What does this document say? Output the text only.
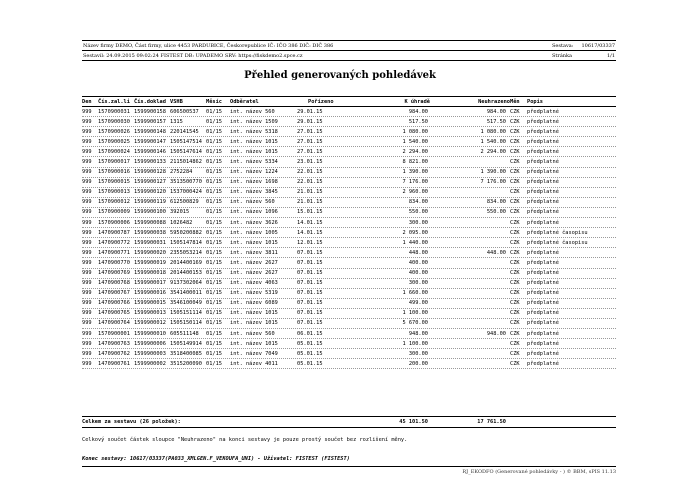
Název firmy DEMO, Část firmy, ulice 4453 PARDUBICE, Českorepublice IČ: IČO 386 DIČ: DIČ 386	Sestava: 10617/03337
Sestavil: 24.09.2015 09:02:24 FISTEST DB: UPADEMO SRV: https://fiskdemo2.spce.cz	Stránka	1/1
Přehled generovaných pohledávek
Den Čís.zal.li Čís.doklad VSHB	Měsíc Odběratel	Pořízeno	K úhradě	Neuhrazeno Měn Popis
999 1570900031 1599900158 606500537 01/15 int. název 560	29.01.15	984.00	984.00 CZK předplatné
999 1570900030 1599900157 1315	01/15 int. název 1509	29.01.15	517.50	517.50 CZK předplatné
999 1570900026 1599900148 220141545 01/15 int. název 5318	27.01.15	1 080.00	1 080.00 CZK předplatné
999 1570900025 1599900147 1505147514 01/15 int. název 1015	27.01.15	1 540.00	1 540.00 CZK předplatné
999 1570900024 1599900146 1505147614 01/15 int. název 1015	27.01.15	2 294.00	2 294.00 CZK předplatné
999 1570900017 1599900133 2115014862 01/15 int. název 5334	23.01.15	8 821.00	CZK předplatné
999 1570900016 1599900128 2752284	01/15 int. název 1224	22.01.15	1 390.00	1 390.00 CZK předplatné
999 1570900015 1599900127 3513500770 01/15 int. název 1698	22.01.15	7 176.00	7 176.00 CZK předplatné
999 1570900013 1599900120 1537000424 01/15 int. název 3845	21.01.15	2 960.00	CZK předplatné
999 1570900012 1599900119 612500829 01/15 int. název 560	21.01.15	834.00	834.00 CZK předplatné
999 1570900009 1599900100 392015	01/15 int. název 1096	15.01.15	550.00	550.00 CZK předplatné
999 1570900006 1599900088 1026482	01/15 int. název 3626	14.01.15	300.00	CZK předplatné
999 1470900787 1599900038 5950200882 01/15 int. název 1005	14.01.15	2 095.00	CZK předplatné časopisu
999 1470900772 1599900031 1505147814 01/15 int. název 1015	12.01.15	1 440.00	CZK předplatné časopisu
999 1470900771 1599900020 2355053214 01/15 int. název 3811	07.01.15	448.00	448.00 CZK předplatné
999 1470900770 1599900019 2014400169 01/15 int. název 2627	07.01.15	400.00	CZK předplatné
999 1470900769 1599900018 2014400153 01/15 int. název 2627	07.01.15	400.00	CZK předplatné
999 1470900768 1599900017 9137302064 01/15 int. název 4063	07.01.15	300.00	CZK předplatné
999 1470900767 1599900016 3541400011 01/15 int. název 5319	07.01.15	1 660.00	CZK předplatné
999 1470900766 1599900015 3546100049 01/15 int. název 6089	07.01.15	499.00	CZK předplatné
999 1470900765 1599900013 1505151114 01/15 int. název 1015	07.01.15	1 100.00	CZK předplatné
999 1470900764 1599900012 1505150114 01/15 int. název 1015	07.01.15	5 670.00	CZK předplatné
999 1570900001 1599900010 605511148 01/15 int. název 560	06.01.15	948.00	948.00 CZK předplatné
999 1470900763 1599900006 1505149914 01/15 int. název 1015	05.01.15	1 100.00	CZK předplatné
999 1470900762 1599900003 3518400085 01/15 int. název 7049	05.01.15	300.00	CZK předplatné
999 1470900761 1599900002 3515200090 01/15 int. název 4011	05.01.15	200.00	CZK předplatné
Celkem za sestavu (26 položek):	45 101.50	17 761.50
Celkový součet částek sloupce "Neuhrazeno" na konci sestavy je pouze prostý součet bez rozlišení měny.
Konec sestavy: 10617/03337(PA033_XMLGEN.F_VEKOUFA_UNI) - Uživatel: FISTEST (FISTEST)
RJ_EKODFO (Generované pohledávky - ) © BBM, sPIS 11.13
